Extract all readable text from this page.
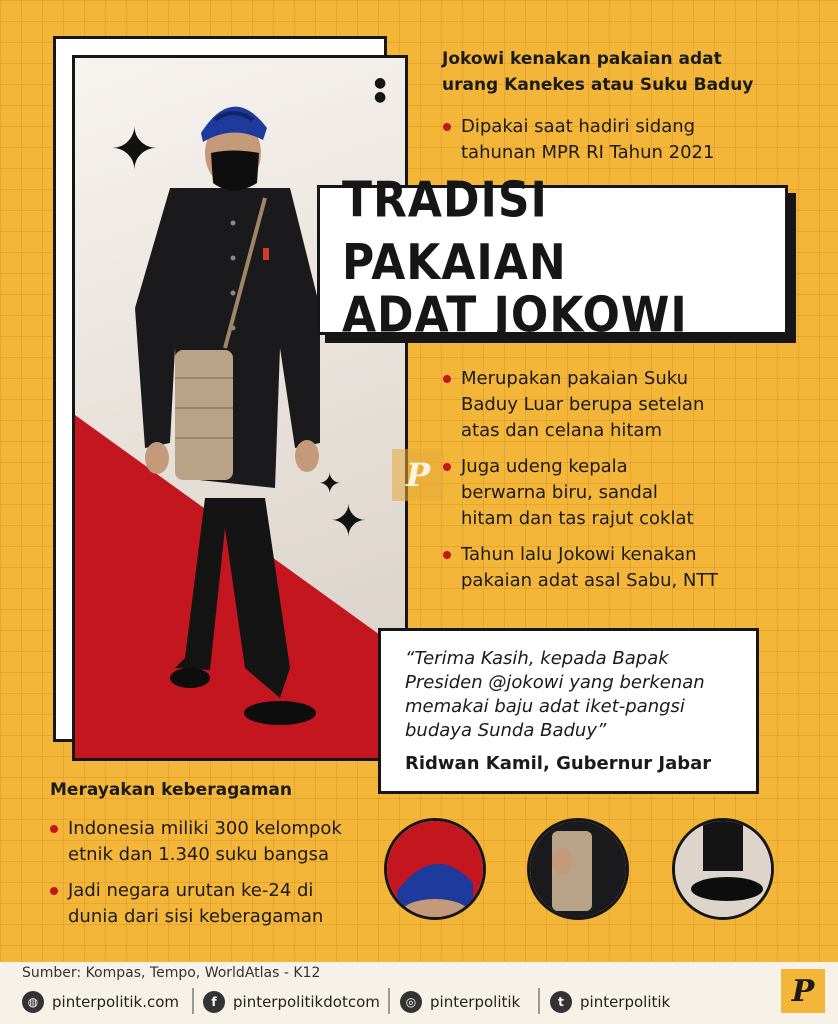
●
●
✦
✦
✦
Jokowi kenakan pakaian adat
urang Kanekes atau Suku Baduy
Dipakai saat hadiri sidang
tahunan MPR RI Tahun 2021
TRADISI PAKAIAN
ADAT JOKOWI
P
Merupakan pakaian Suku
Baduy Luar berupa setelan
atas dan celana hitam
Juga udeng kepala
berwarna biru, sandal
hitam dan tas rajut coklat
Tahun lalu Jokowi kenakan
pakaian adat asal Sabu, NTT
“Terima Kasih, kepada Bapak
Presiden @jokowi yang berkenan
memakai baju adat iket-pangsi
budaya Sunda Baduy”
Ridwan Kamil, Gubernur Jabar
Merayakan keberagaman
Indonesia miliki 300 kelompok
etnik dan 1.340 suku bangsa
Jadi negara urutan ke-24 di
dunia dari sisi keberagaman
Sumber: Kompas, Tempo, WorldAtlas - K12
◍ pinterpolitik.com	f	pinterpolitikdotcom	◎ pinterpolitik	t	pinterpolitik	P
